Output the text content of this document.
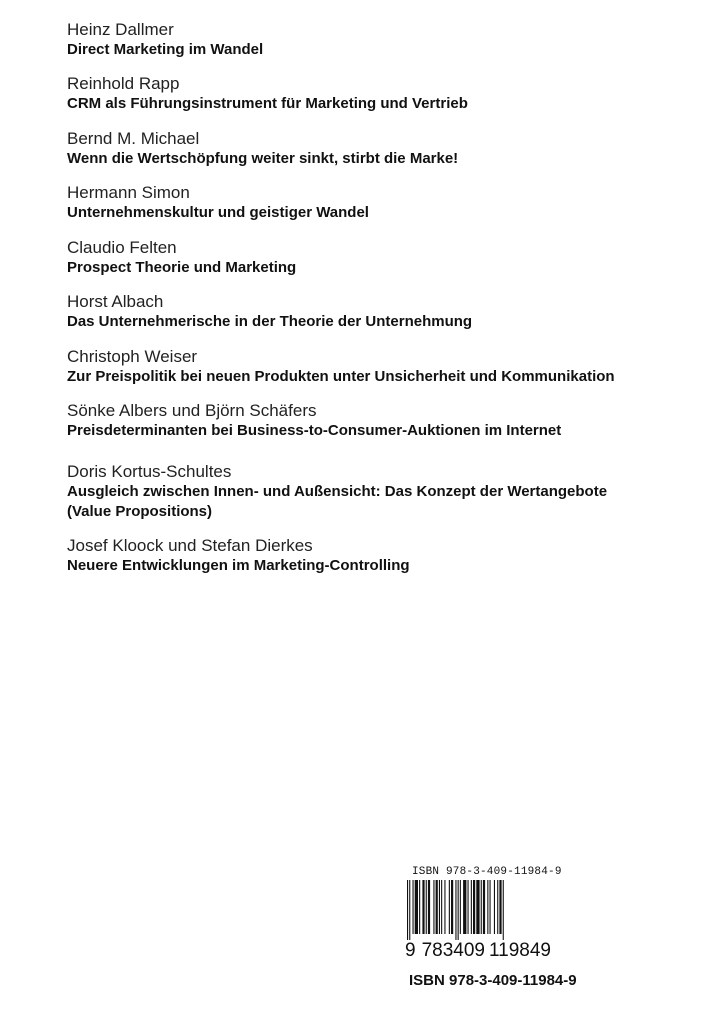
Heinz Dallmer
Direct Marketing im Wandel
Reinhold Rapp
CRM als Führungsinstrument für Marketing und Vertrieb
Bernd M. Michael
Wenn die Wertschöpfung weiter sinkt, stirbt die Marke!
Hermann Simon
Unternehmenskultur und geistiger Wandel
Claudio Felten
Prospect Theorie und Marketing
Horst Albach
Das Unternehmerische in der Theorie der Unternehmung
Christoph Weiser
Zur Preispolitik bei neuen Produkten unter Unsicherheit und Kommunikation
Sönke Albers und Björn Schäfers
Preisdeterminanten bei Business-to-Consumer-Auktionen im Internet
Doris Kortus-Schultes
Ausgleich zwischen Innen- und Außensicht: Das Konzept der Wertangebote
(Value Propositions)
Josef Kloock und Stefan Dierkes
Neuere Entwicklungen im Marketing-Controlling
ISBN 978-3-409-11984-9
9 783409 119849
ISBN 978-3-409-11984-9
